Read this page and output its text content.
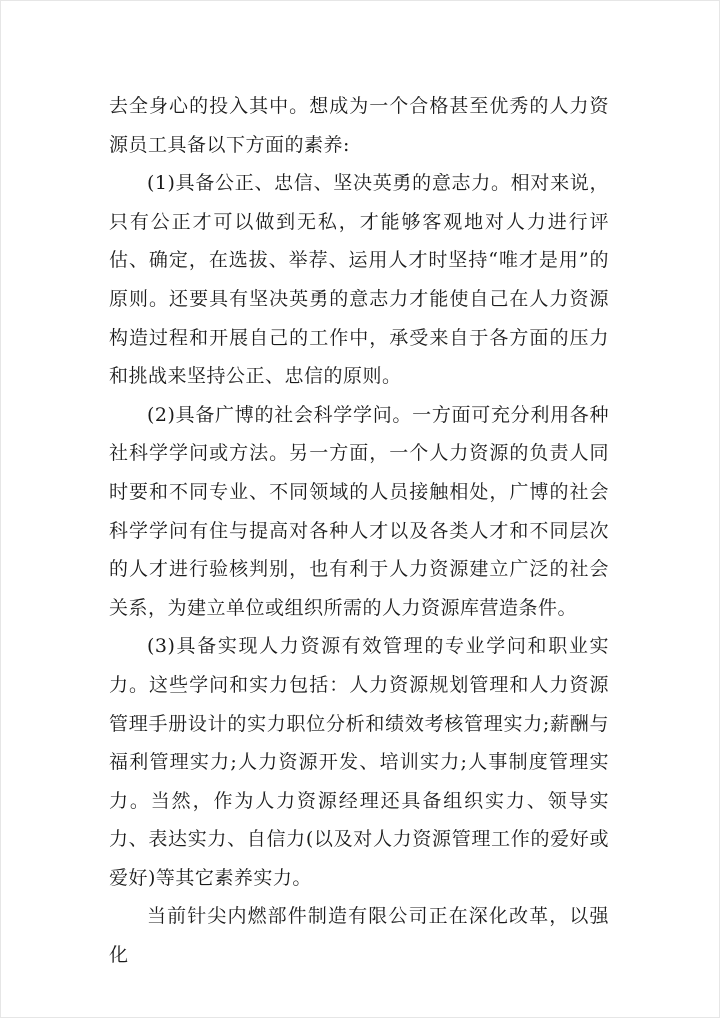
去全身心的投入其中。想成为一个合格甚至优秀的人力资源员工具备以下方面的素养:

(1)具备公正、忠信、坚决英勇的意志力。相对来说，只有公正才可以做到无私，才能够客观地对人力进行评估、确定，在选拔、举荐、运用人才时坚持“唯才是用”的原则。还要具有坚决英勇的意志力才能使自己在人力资源构造过程和开展自己的工作中，承受来自于各方面的压力和挑战来坚持公正、忠信的原则。

(2)具备广博的社会科学学问。一方面可充分利用各种社科学学问或方法。另一方面，一个人力资源的负责人同时要和不同专业、不同领域的人员接触相处，广博的社会科学学问有住与提高对各种人才以及各类人才和不同层次的人才进行验核判别，也有利于人力资源建立广泛的社会关系，为建立单位或组织所需的人力资源库营造条件。

(3)具备实现人力资源有效管理的专业学问和职业实力。这些学问和实力包括：人力资源规划管理和人力资源管理手册设计的实力职位分析和绩效考核管理实力;薪酬与福利管理实力;人力资源开发、培训实力;人事制度管理实力。当然，作为人力资源经理还具备组织实力、领导实力、表达实力、自信力(以及对人力资源管理工作的爱好或爱好)等其它素养实力。

当前针尖内燃部件制造有限公司正在深化改革，以强化
